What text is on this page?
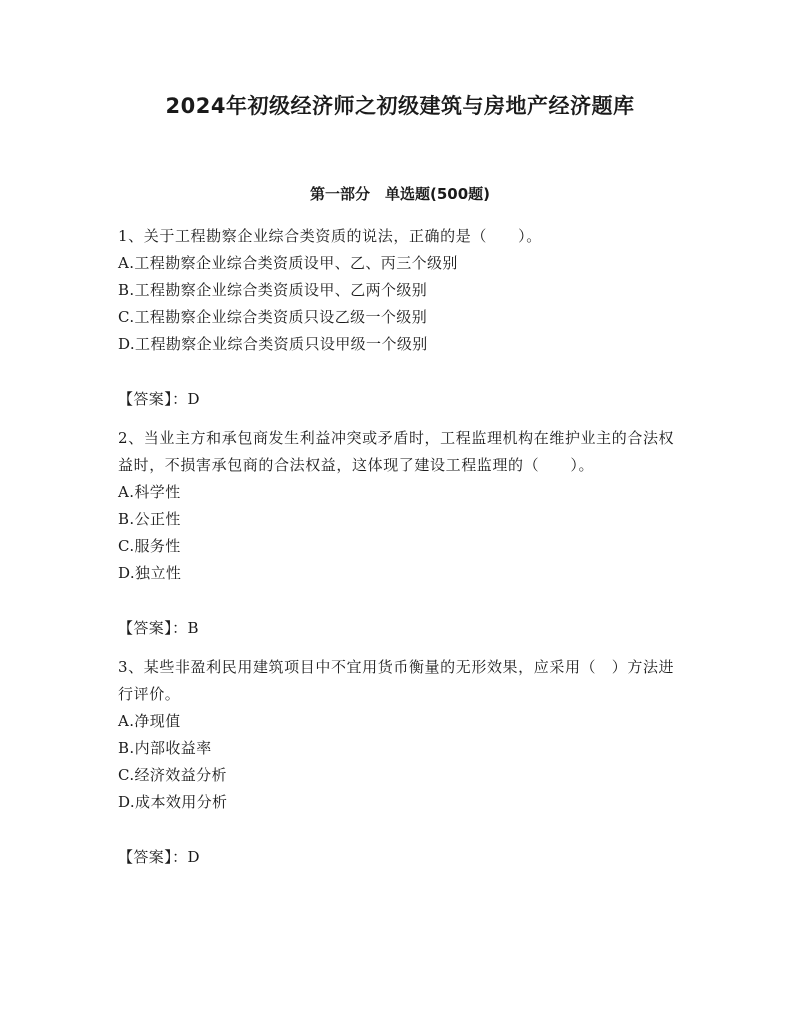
2024年初级经济师之初级建筑与房地产经济题库
第一部分　单选题(500题)

1、关于工程勘察企业综合类资质的说法，正确的是（　　）。

A.工程勘察企业综合类资质设甲、乙、丙三个级别

B.工程勘察企业综合类资质设甲、乙两个级别

C.工程勘察企业综合类资质只设乙级一个级别

D.工程勘察企业综合类资质只设甲级一个级别

【答案】：D

2、当业主方和承包商发生利益冲突或矛盾时，工程监理机构在维护业主的合法权益时，不损害承包商的合法权益，这体现了建设工程监理的（　　）。

A.科学性

B.公正性

C.服务性

D.独立性

【答案】：B

3、某些非盈利民用建筑项目中不宜用货币衡量的无形效果，应采用（　）方法进行评价。

A.净现值

B.内部收益率

C.经济效益分析

D.成本效用分析

【答案】：D
